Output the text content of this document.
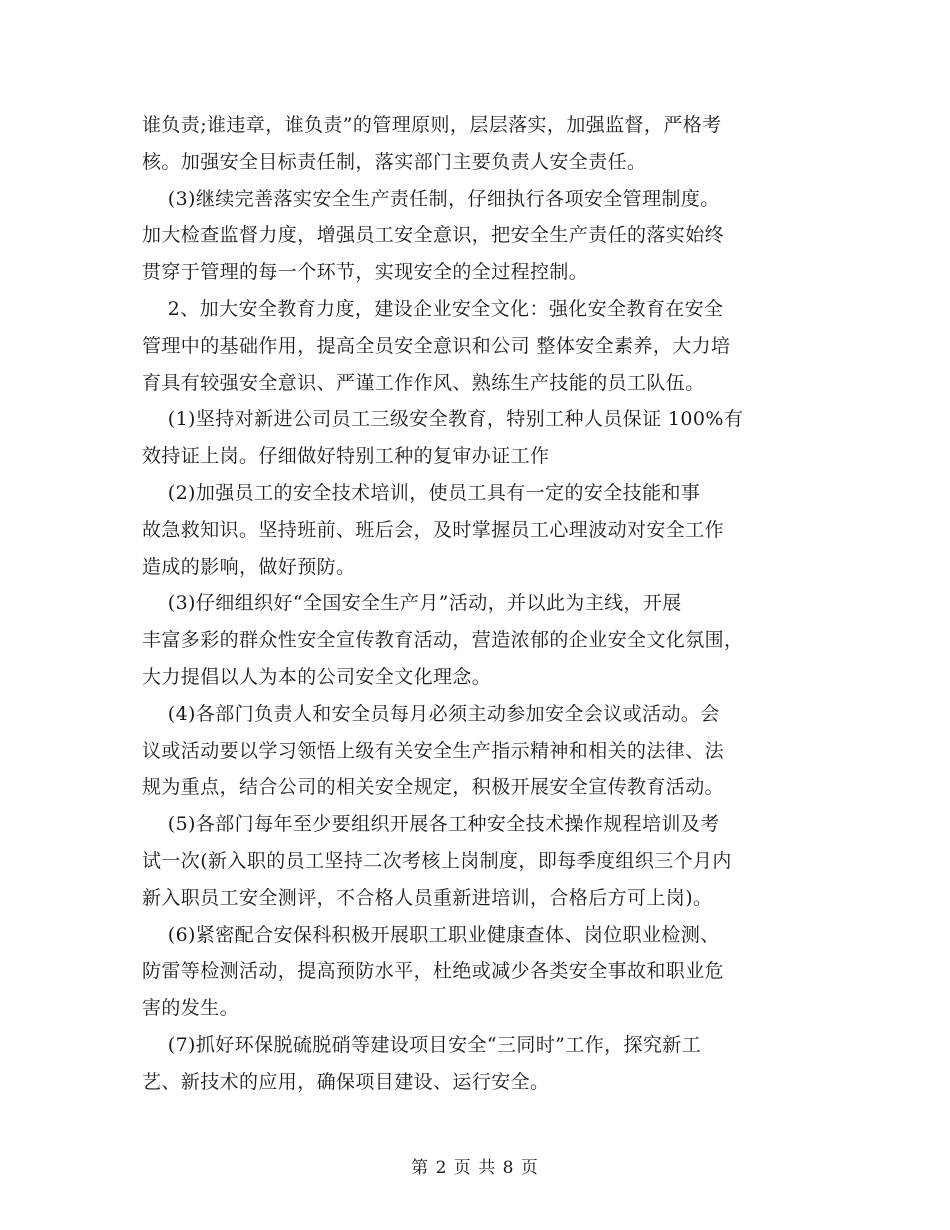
谁负责;谁违章，谁负责”的管理原则，层层落实，加强监督，严格考
核。加强安全目标责任制，落实部门主要负责人安全责任。

(3)继续完善落实安全生产责任制，仔细执行各项安全管理制度。
加大检查监督力度，增强员工安全意识，把安全生产责任的落实始终
贯穿于管理的每一个环节，实现安全的全过程控制。

2、加大安全教育力度，建设企业安全文化：强化安全教育在安全
管理中的基础作用，提高全员安全意识和公司 整体安全素养，大力培
育具有较强安全意识、严谨工作作风、熟练生产技能的员工队伍。

(1)坚持对新进公司员工三级安全教育，特别工种人员保证 100%有
效持证上岗。仔细做好特别工种的复审办证工作

(2)加强员工的安全技术培训，使员工具有一定的安全技能和事
故急救知识。坚持班前、班后会，及时掌握员工心理波动对安全工作
造成的影响，做好预防。

(3)仔细组织好“全国安全生产月”活动，并以此为主线，开展
丰富多彩的群众性安全宣传教育活动，营造浓郁的企业安全文化氛围，
大力提倡以人为本的公司安全文化理念。

(4)各部门负责人和安全员每月必须主动参加安全会议或活动。会
议或活动要以学习领悟上级有关安全生产指示精神和相关的法律、法
规为重点，结合公司的相关安全规定，积极开展安全宣传教育活动。

(5)各部门每年至少要组织开展各工种安全技术操作规程培训及考
试一次(新入职的员工坚持二次考核上岗制度，即每季度组织三个月内
新入职员工安全测评，不合格人员重新进培训，合格后方可上岗)。

(6)紧密配合安保科积极开展职工职业健康查体、岗位职业检测、
防雷等检测活动，提高预防水平，杜绝或减少各类安全事故和职业危
害的发生。

(7)抓好环保脱硫脱硝等建设项目安全“三同时”工作，探究新工
艺、新技术的应用，确保项目建设、运行安全。

第 2 页 共 8 页
